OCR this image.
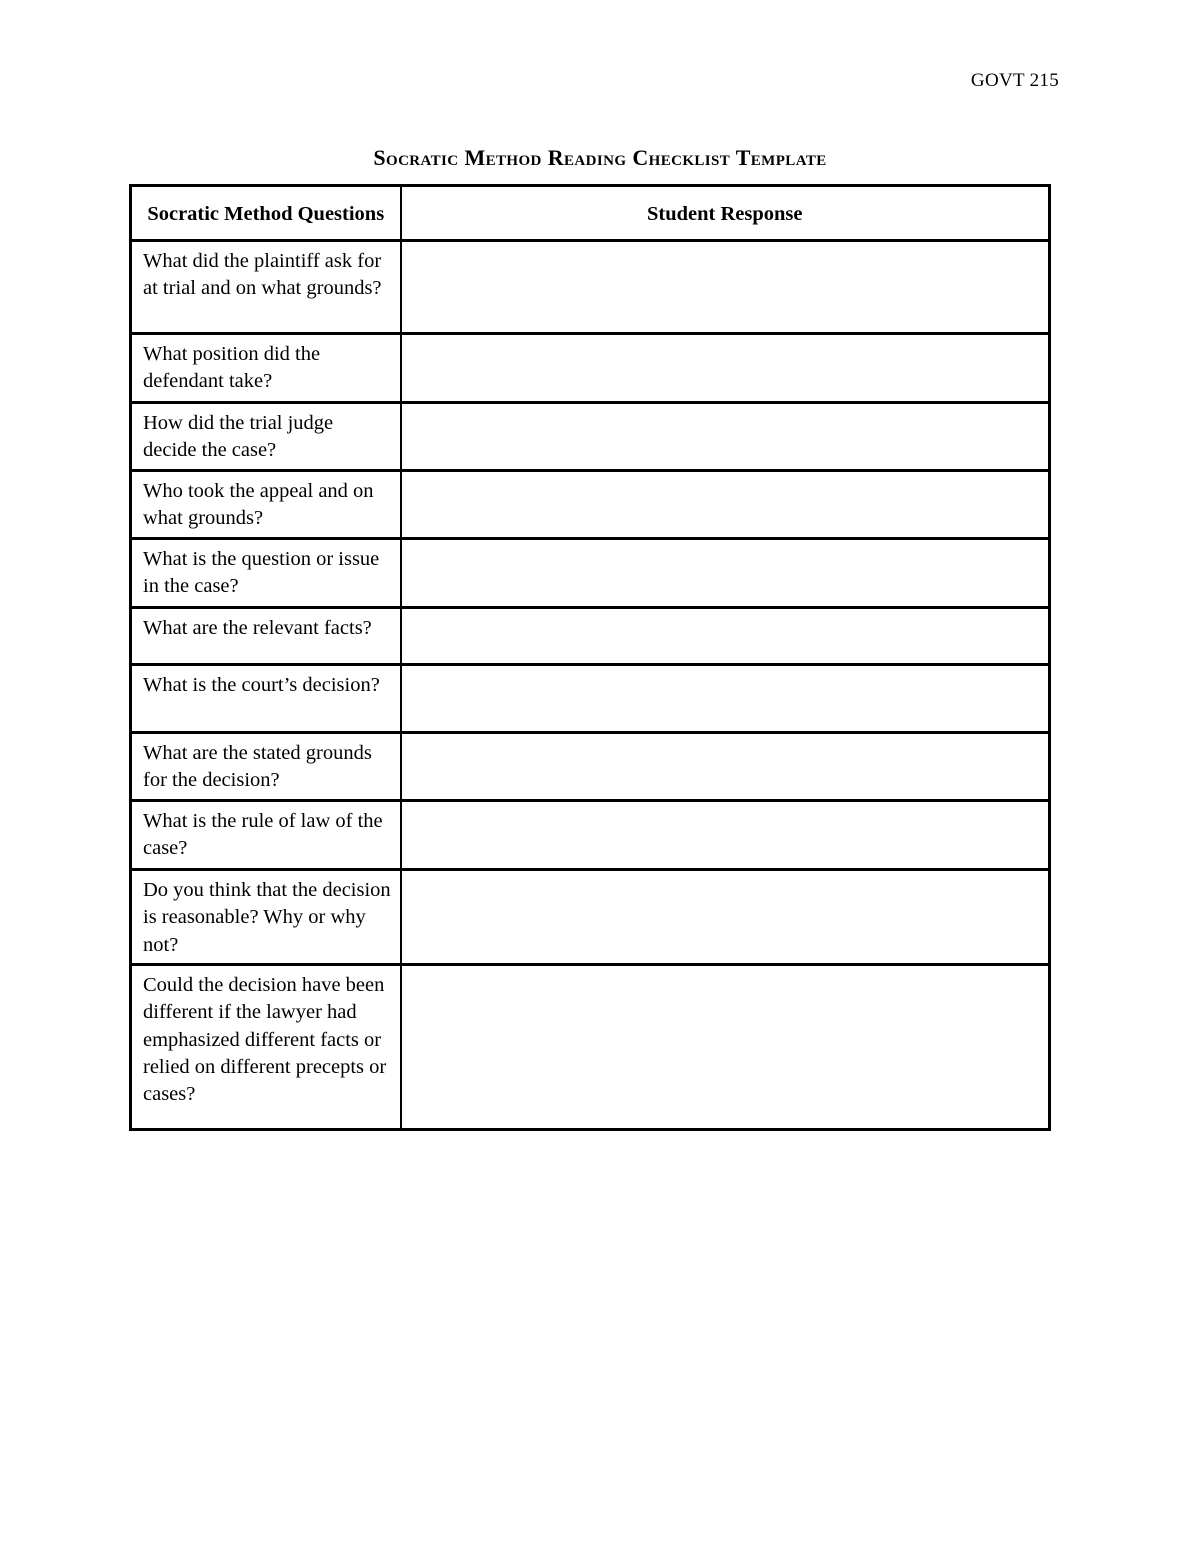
GOVT 215
Socratic Method Reading Checklist Template
Socratic Method Questions	Student Response
What did the plaintiff ask for at trial and on what grounds?	
What position did the defendant take?	
How did the trial judge decide the case?	
Who took the appeal and on what grounds?	
What is the question or issue in the case?	
What are the relevant facts?	
What is the court’s decision?	
What are the stated grounds for the decision?	
What is the rule of law of the case?	
Do you think that the decision is reasonable? Why or why not?	
Could the decision have been different if the lawyer had emphasized different facts or relied on different precepts or cases?	
